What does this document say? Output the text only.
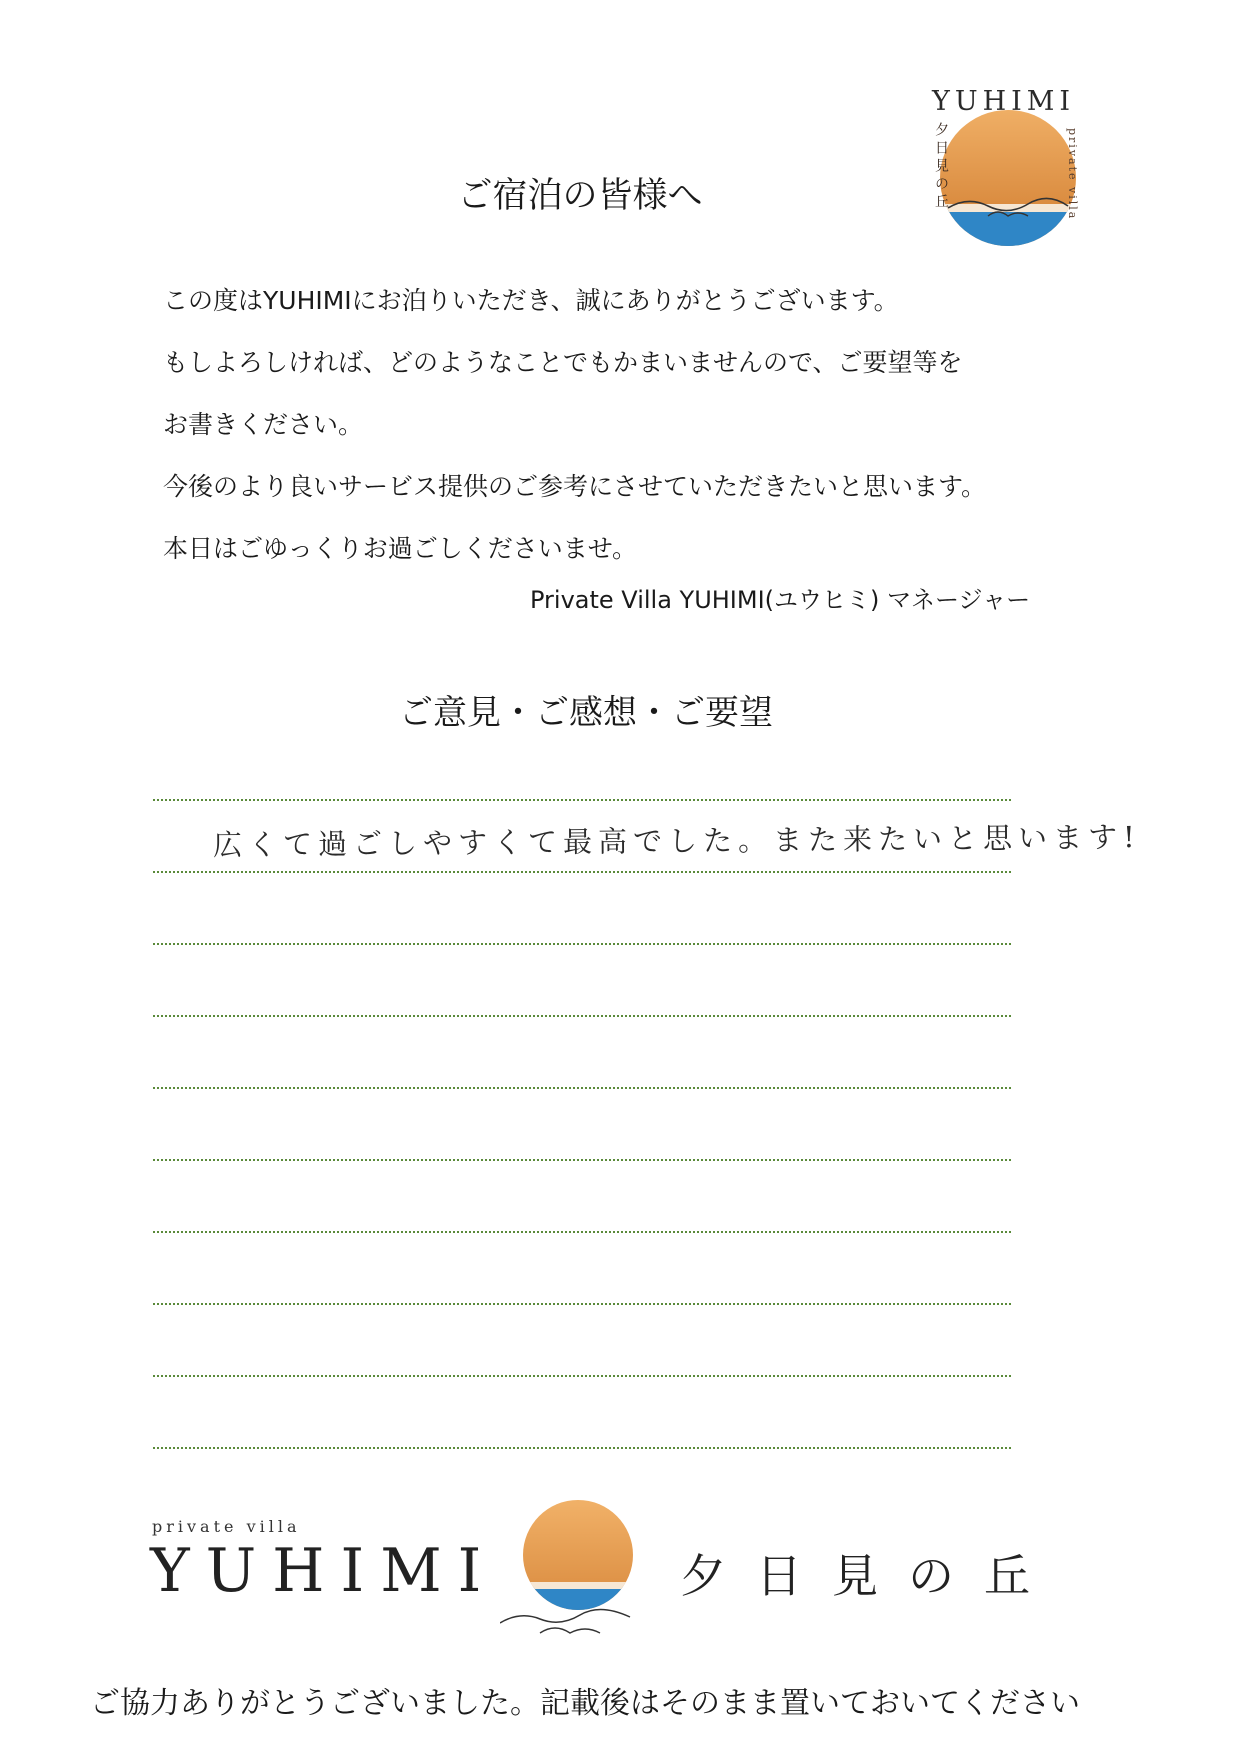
YUHIMI
夕日見の丘	private villa
ご宿泊の皆様へ
この度はYUHIMIにお泊りいただき、誠にありがとうございます。
もしよろしければ、どのようなことでもかまいませんので、ご要望等を
お書きください。
今後のより良いサービス提供のご参考にさせていただきたいと思います。
本日はごゆっくりお過ごしくださいませ。
Private Villa YUHIMI(ユウヒミ) マネージャー
ご意見・ご感想・ご要望
広くて過ごしやすくて最高でした。また来たいと思います!
private villa
YUHIMI	夕日見の丘
ご協力ありがとうございました。記載後はそのまま置いておいてください
